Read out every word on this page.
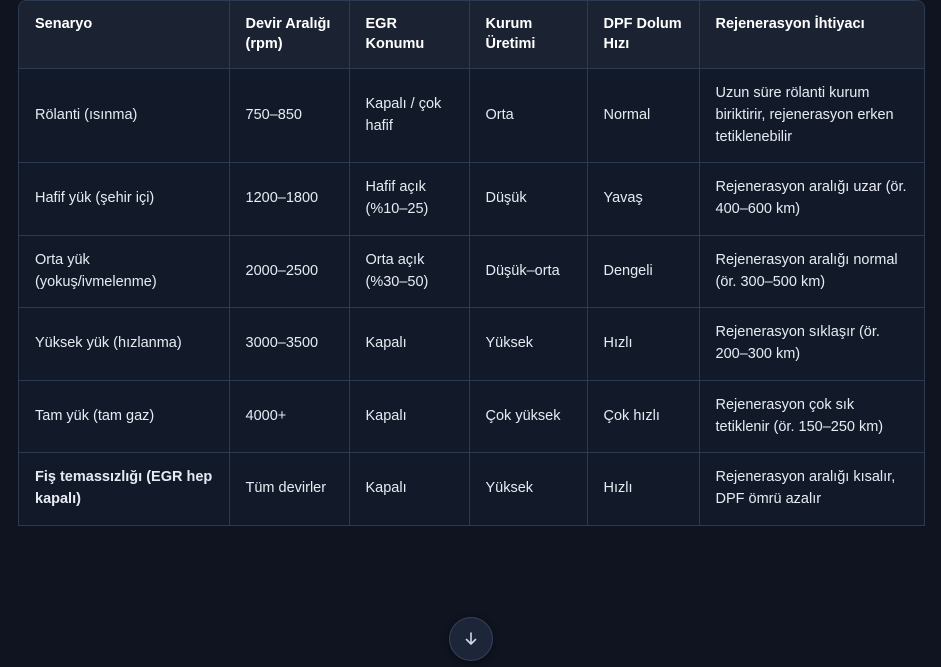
Senaryo	Devir Aralığı (rpm)	EGR Konumu	Kurum Üretimi	DPF Dolum Hızı	Rejenerasyon İhtiyacı
Rölanti (ısınma)	750–850	Kapalı / çok hafif	Orta	Normal	Uzun süre rölanti kurum biriktirir, rejenerasyon erken tetiklenebilir
Hafif yük (şehir içi)	1200–1800	Hafif açık (%10–25)	Düşük	Yavaş	Rejenerasyon aralığı uzar (ör. 400–600 km)
Orta yük (yokuş/ivmelenme)	2000–2500	Orta açık (%30–50)	Düşük–orta	Dengeli	Rejenerasyon aralığı normal (ör. 300–500 km)
Yüksek yük (hızlanma)	3000–3500	Kapalı	Yüksek	Hızlı	Rejenerasyon sıklaşır (ör. 200–300 km)
Tam yük (tam gaz)	4000+	Kapalı	Çok yüksek	Çok hızlı	Rejenerasyon çok sık tetiklenir (ör. 150–250 km)
Fiş temassızlığı (EGR hep kapalı)	Tüm devirler	Kapalı	Yüksek	Hızlı	Rejenerasyon aralığı kısalır, DPF ömrü azalır
